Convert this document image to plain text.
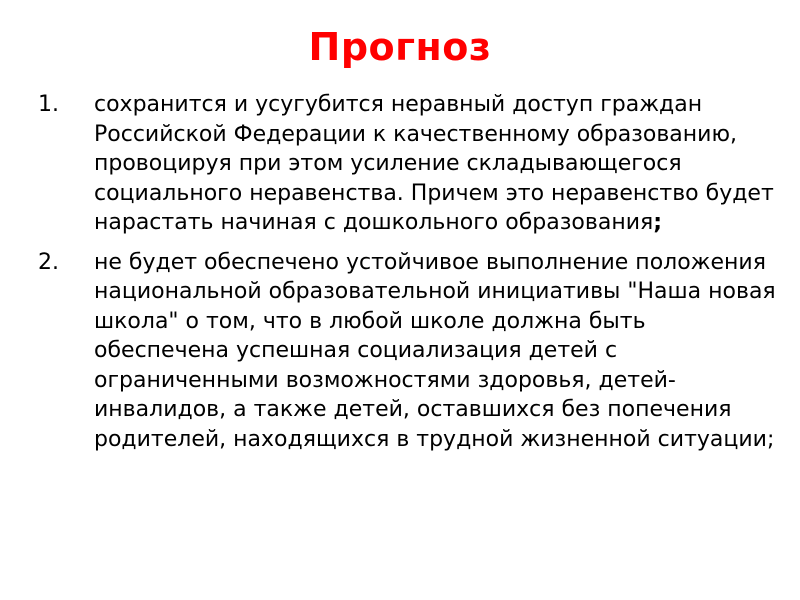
Прогноз
1.	сохранится и усугубится неравный доступ граждан Российской Федерации к качественному образованию, провоцируя при этом усиление складывающегося социального неравенства. Причем это неравенство будет нарастать начиная с дошкольного образования;
2.	не будет обеспечено устойчивое выполнение положения национальной образовательной инициативы "Наша новая школа" о том, что в любой школе должна быть обеспечена успешная социализация детей с ограниченными возможностями здоровья, детей-инвалидов, а также детей, оставшихся без попечения родителей, находящихся в трудной жизненной ситуации;
